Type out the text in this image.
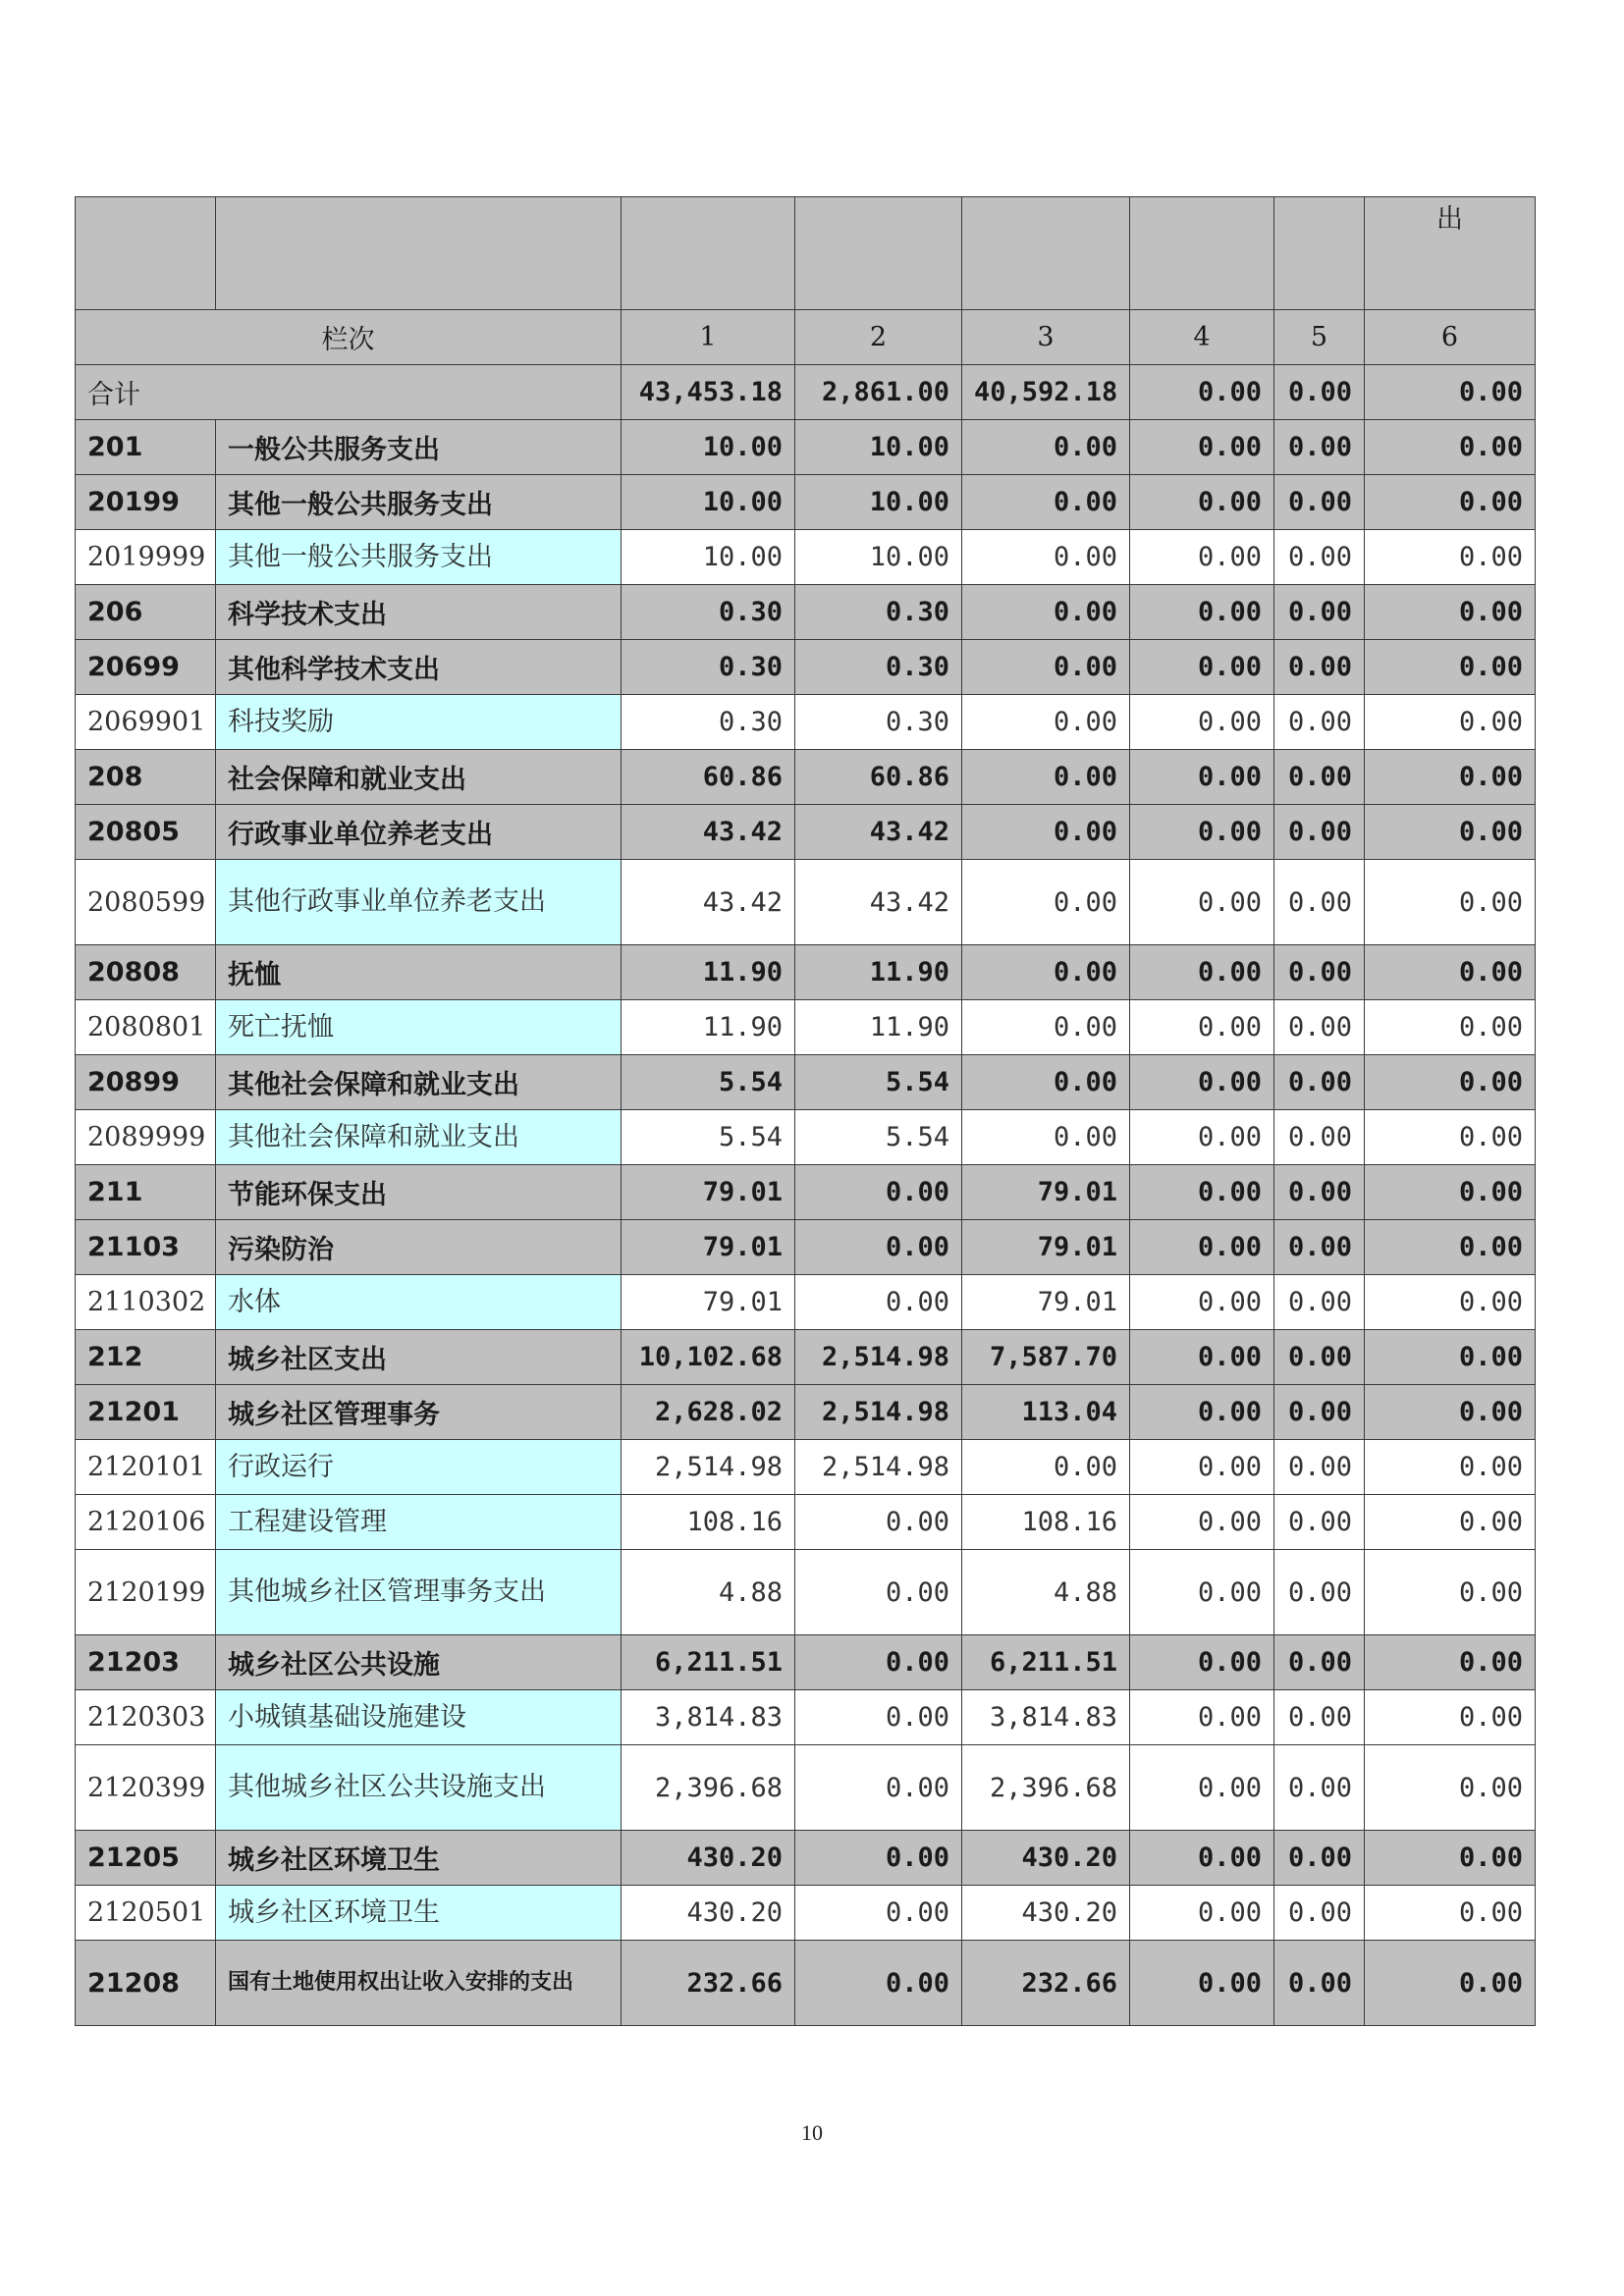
							出
栏次		1	2	3	4	5	6
合计		43,453.18	2,861.00	40,592.18	0.00	0.00	0.00
201	一般公共服务支出	10.00	10.00	0.00	0.00	0.00	0.00
20199	其他一般公共服务支出	10.00	10.00	0.00	0.00	0.00	0.00
2019999	其他一般公共服务支出	10.00	10.00	0.00	0.00	0.00	0.00
206	科学技术支出	0.30	0.30	0.00	0.00	0.00	0.00
20699	其他科学技术支出	0.30	0.30	0.00	0.00	0.00	0.00
2069901	科技奖励	0.30	0.30	0.00	0.00	0.00	0.00
208	社会保障和就业支出	60.86	60.86	0.00	0.00	0.00	0.00
20805	行政事业单位养老支出	43.42	43.42	0.00	0.00	0.00	0.00
2080599	其他行政事业单位养老支出	43.42	43.42	0.00	0.00	0.00	0.00
20808	抚恤	11.90	11.90	0.00	0.00	0.00	0.00
2080801	死亡抚恤	11.90	11.90	0.00	0.00	0.00	0.00
20899	其他社会保障和就业支出	5.54	5.54	0.00	0.00	0.00	0.00
2089999	其他社会保障和就业支出	5.54	5.54	0.00	0.00	0.00	0.00
211	节能环保支出	79.01	0.00	79.01	0.00	0.00	0.00
21103	污染防治	79.01	0.00	79.01	0.00	0.00	0.00
2110302	水体	79.01	0.00	79.01	0.00	0.00	0.00
212	城乡社区支出	10,102.68	2,514.98	7,587.70	0.00	0.00	0.00
21201	城乡社区管理事务	2,628.02	2,514.98	113.04	0.00	0.00	0.00
2120101	行政运行	2,514.98	2,514.98	0.00	0.00	0.00	0.00
2120106	工程建设管理	108.16	0.00	108.16	0.00	0.00	0.00
2120199	其他城乡社区管理事务支出	4.88	0.00	4.88	0.00	0.00	0.00
21203	城乡社区公共设施	6,211.51	0.00	6,211.51	0.00	0.00	0.00
2120303	小城镇基础设施建设	3,814.83	0.00	3,814.83	0.00	0.00	0.00
2120399	其他城乡社区公共设施支出	2,396.68	0.00	2,396.68	0.00	0.00	0.00
21205	城乡社区环境卫生	430.20	0.00	430.20	0.00	0.00	0.00
2120501	城乡社区环境卫生	430.20	0.00	430.20	0.00	0.00	0.00
21208	国有土地使用权出让收入安排的支出	232.66	0.00	232.66	0.00	0.00	0.00
10
